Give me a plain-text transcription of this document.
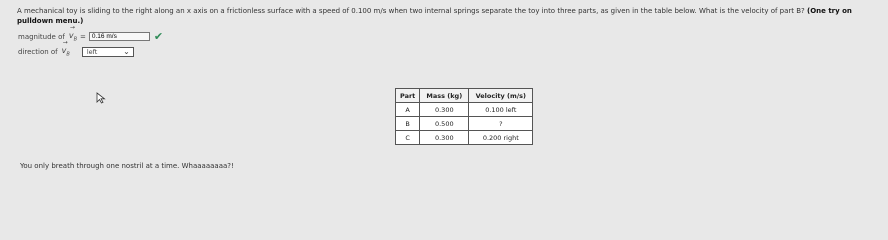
A mechanical toy is sliding to the right along an x axis on a frictionless surface with a speed of 0.100 m/s when two internal springs separate the toy into three parts, as given in the table below. What is the velocity of part B? (One try on pulldown menu.)
magnitude of
→
$v_B$ =
0.16 m/s	✔
direction of
→
$v_B$	left	⌄
Part	Mass (kg)	Velocity (m/s)
A	0.300	0.100 left
B	0.500	?
C	0.300	0.200 right
You only breath through one nostril at a time. Whaaaaaaaa?!
